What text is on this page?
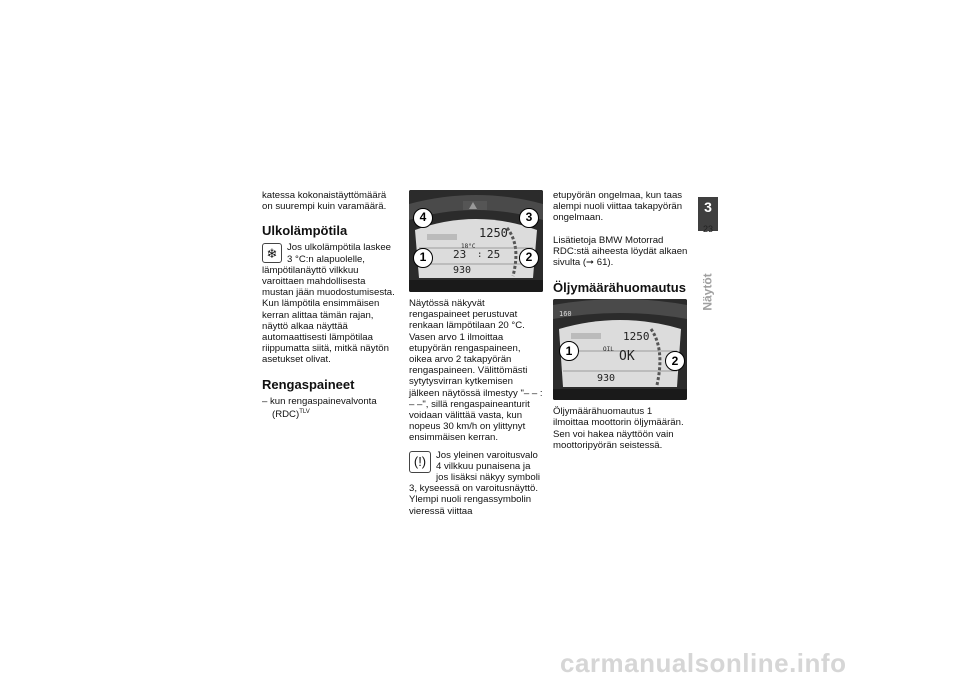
katessa kokonaistäyttömäärä on suurempi kuin varamäärä.

Ulkolämpötila
❄ Jos ulkolämpötila laskee 3 °C:n alapuolelle, lämpötilanäyttö vilkkuu varoittaen mahdollisesta mustan jään muodostumisesta. Kun lämpötila ensimmäisen kerran alittaa tämän rajan, näyttö alkaa näyttää automaattisesti lämpötilaa riippumatta siitä, mitkä näytön asetukset olivat.

Rengaspaineet

– kun rengaspainevalvonta (RDC)$^{TLV}$

1250
18°C
23 : 25
930
4	3
1	2

Näytössä näkyvät rengaspaineet perustuvat renkaan lämpötilaan 20 °C. Vasen arvo 1 ilmoittaa etupyörän rengaspaineen, oikea arvo 2 takapyörän rengaspaineen. Välittömästi sytytysvirran kytkemisen jälkeen näytössä ilmestyy "– – : – –", sillä rengaspaineanturit voidaan välittää vasta, kun nopeus 30 km/h on ylittynyt ensimmäisen kerran.

(!)	Jos yleinen varoitusvalo 4 vilkkuu punaisena ja jos lisäksi näkyy symboli 3, kyseessä on varoitusnäyttö. Ylempi nuoli rengassymbolin vieressä viittaa

etupyörän ongelmaa, kun taas alempi nuoli viittaa takapyörän ongelmaan.

Lisätietoja BMW Motorrad RDC:stä aiheesta löydät alkaen sivulta (➞ 61).

Öljymäärähuomautus
160
1250
OIL OK
930
1
2

Öljymäärähuomautus 1 ilmoittaa moottorin öljymäärän. Sen voi hakea näyttöön vain moottoripyörän seistessä.

3
23
Näytöt
carmanualsonline.info
